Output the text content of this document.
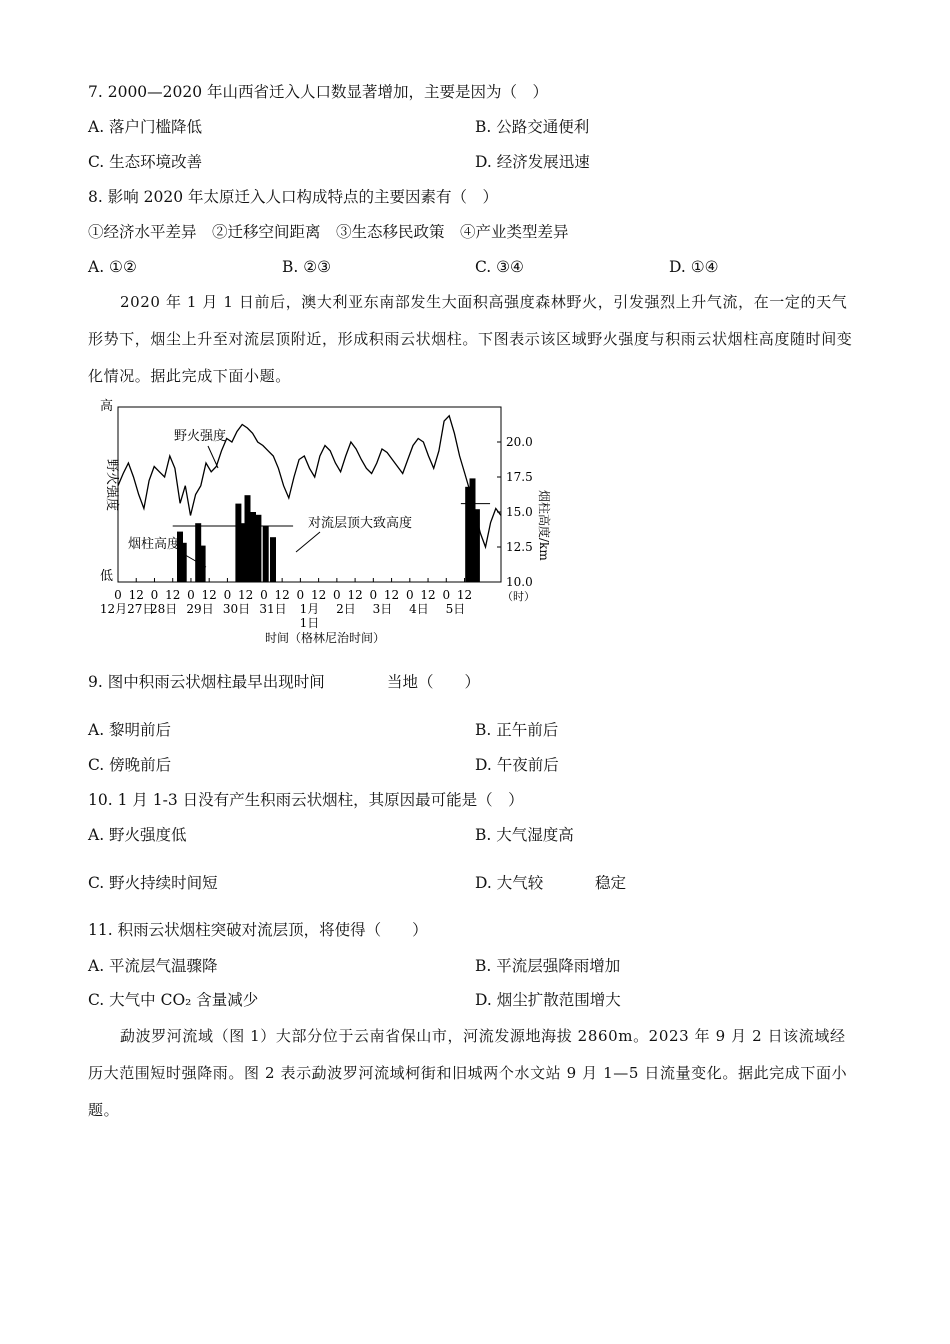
7. 2000—2020 年山西省迁入人口数显著增加，主要是因为（　）
A. 落户门槛降低	B. 公路交通便利
C. 生态环境改善	D. 经济发展迅速
8. 影响 2020 年太原迁入人口构成特点的主要因素有（　）
①经济水平差异　②迁移空间距离　③生态移民政策　④产业类型差异
A. ①②	B. ②③	C. ③④	D. ①④
2020 年 1 月 1 日前后，澳大利亚东南部发生大面积高强度森林野火，引发强烈上升气流，在一定的天气形势下，烟尘上升至对流层顶附近，形成积雨云状烟柱。下图表示该区域野火强度与积雨云状烟柱高度随时间变化情况。据此完成下面小题。
高
低
野火强度
烟柱高度/km
10.0
12.5
15.0
17.5
20.0
0 12 0 12 0 12 0 12 0 12 0 12 0 12 0 12 0 12 0 12
12月27日
28日 29日 30日 31日 1月
1日
2日 3日 4日 5日
（时）
时间（格林尼治时间）
野火强度
烟柱高度
对流层顶大致高度
9. 图中积雨云状烟柱最早出现时间	当地（　　）
A. 黎明前后	B. 正午前后
C. 傍晚前后	D. 午夜前后
10. 1 月 1-3 日没有产生积雨云状烟柱，其原因最可能是（　）
A. 野火强度低	B. 大气湿度高
C. 野火持续时间短	D. 大气较	稳定
11. 积雨云状烟柱突破对流层顶，将使得（　　）
A. 平流层气温骤降	B. 平流层强降雨增加
C. 大气中 CO₂ 含量减少	D. 烟尘扩散范围增大
勐波罗河流域（图 1）大部分位于云南省保山市，河流发源地海拔 2860m。2023 年 9 月 2 日该流域经历大范围短时强降雨。图 2 表示勐波罗河流域柯街和旧城两个水文站 9 月 1—5 日流量变化。据此完成下面小题。
